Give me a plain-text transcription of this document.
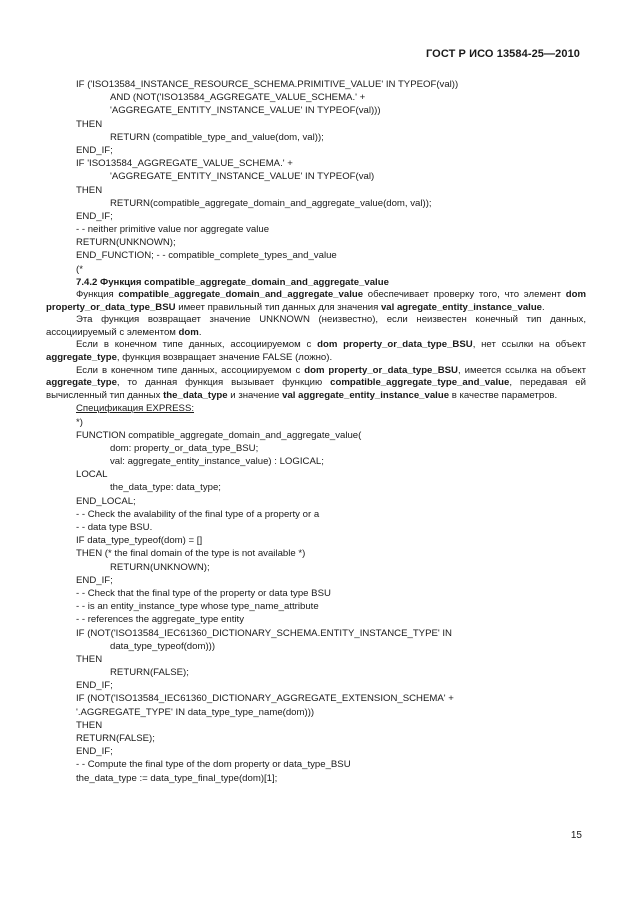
ГОСТ Р ИСО 13584-25—2010
IF ('ISO13584_INSTANCE_RESOURCE_SCHEMA.PRIMITIVE_VALUE' IN TYPEOF(val))
AND (NOT('ISO13584_AGGREGATE_VALUE_SCHEMA.' +
'AGGREGATE_ENTITY_INSTANCE_VALUE' IN TYPEOF(val)))
THEN
RETURN (compatible_type_and_value(dom, val));
END_IF;
IF 'ISO13584_AGGREGATE_VALUE_SCHEMA.' +
'AGGREGATE_ENTITY_INSTANCE_VALUE' IN TYPEOF(val)
THEN
RETURN(compatible_aggregate_domain_and_aggregate_value(dom, val));
END_IF;
- - neither primitive value nor aggregate value
RETURN(UNKNOWN);
END_FUNCTION; - - compatible_complete_types_and_value
(*
7.4.2 Функция compatible_aggregate_domain_and_aggregate_value

Функция compatible_aggregate_domain_and_aggregate_value обеспечивает проверку того, что элемент dom property_or_data_type_BSU имеет правильный тип данных для значения val agregate_entity_instance_value.

Эта функция возвращает значение UNKNOWN (неизвестно), если неизвестен конечный тип данных, ассоциируемый с элементом dom.

Если в конечном типе данных, ассоциируемом с dom property_or_data_type_BSU, нет ссылки на объект aggregate_type, функция возвращает значение FALSE (ложно).

Если в конечном типе данных, ассоциируемом с dom property_or_data_type_BSU, имеется ссылка на объект aggregate_type, то данная функция вызывает функцию compatible_aggregate_type_and_value, передавая ей вычисленный тип данных the_data_type и значение val aggregate_entity_instance_value в качестве параметров.

Спецификация EXPRESS:
*)
FUNCTION compatible_aggregate_domain_and_aggregate_value(
dom: property_or_data_type_BSU;
val: aggregate_entity_instance_value) : LOGICAL;
LOCAL
the_data_type: data_type;
END_LOCAL;
- - Check the avalability of the final type of a property or a
- - data type BSU.
IF data_type_typeof(dom) = []
THEN (* the final domain of the type is not available *)
RETURN(UNKNOWN);
END_IF;
- - Check that the final type of the property or data type BSU
- - is an entity_instance_type whose type_name_attribute
- - references the aggregate_type entity
IF (NOT('ISO13584_IEC61360_DICTIONARY_SCHEMA.ENTITY_INSTANCE_TYPE' IN
data_type_typeof(dom)))
THEN
RETURN(FALSE);
END_IF;
IF (NOT('ISO13584_IEC61360_DICTIONARY_AGGREGATE_EXTENSION_SCHEMA' +
'.AGGREGATE_TYPE' IN data_type_type_name(dom)))
THEN
RETURN(FALSE);
END_IF;
- - Compute the final type of the dom property or data_type_BSU
the_data_type := data_type_final_type(dom)[1];
15
